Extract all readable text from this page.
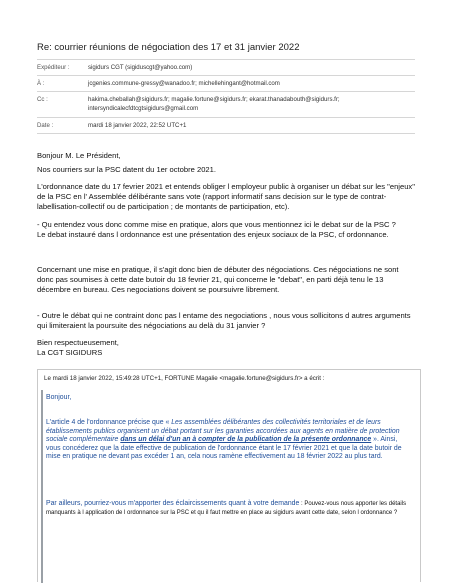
Re: courrier réunions de négociation des 17 et 31 janvier 2022
Expéditeur :	sigidurs CGT (sigiduscgt@yahoo.com)
À :	jcgenies.commune-gressy@wanadoo.fr; michellehingant@hotmail.com
Cc :	hakima.cheballah@sigidurs.fr; magalie.fortune@sigidurs.fr; ekarat.thanadabouth@sigidurs.fr;
intersyndicalecfdtcgtsigidurs@gmail.com
Date :	mardi 18 janvier 2022, 22:52 UTC+1
Bonjour M. Le Président,
Nos courriers sur la PSC datent du 1er octobre 2021.
L'ordonnance date du 17 fevrier 2021 et entends obliger l employeur public à organiser un débat sur les "enjeux" de la PSC en l' Assemblée délibérante sans vote (rapport informatif sans decision sur le type de contrat-labellisation-collectif ou de participation ; de montants de participation, etc).

- Qu entendez vous donc comme mise en pratique, alors que vous mentionnez ici le debat sur de la PSC ?

Le debat instauré dans l ordonnance est une présentation des enjeux sociaux de la PSC, cf ordonnance.

Concernant une mise en pratique, il s'agit donc bien de débuter des négociations. Ces négociations ne sont donc pas soumises à cette date butoir du 18 fevrier 21, qui concerne le "debat", en parti déjà tenu le 13 décembre en bureau. Ces negociations doivent se poursuivre librement.
- Outre le débat qui ne contraint donc pas l entame des negociations , nous vous sollicitons d autres arguments qui limiteraient la poursuite des négociations au delà du 31 janvier ?

Bien respectueusement,

La CGT SIGIDURS

Le mardi 18 janvier 2022, 15:49:28 UTC+1, FORTUNE Magalie <magalie.fortune@sigidurs.fr> a écrit :
Bonjour,

L'article 4 de l'ordonnance précise que « Les assemblées délibérantes des collectivités territoriales et de leurs établissements publics organisent un débat portant sur les garanties accordées aux agents en matière de protection sociale complémentaire dans un délai d'un an à compter de la publication de la présente ordonnance ». Ainsi, vous concéderez que la date effective de publication de l'ordonnance étant le 17 février 2021 et que la date butoir de mise en pratique ne devant pas excéder 1 an, cela nous ramène effectivement au 18 février 2022 au plus tard.

Par ailleurs, pourriez-vous m'apporter des éclaircissements quant à votre demande : Pouvez-vous nous apporter les détails manquants à l application de l ordonnance sur la PSC et qu il faut mettre en place au sigidurs avant cette date, selon l ordonnance ?
